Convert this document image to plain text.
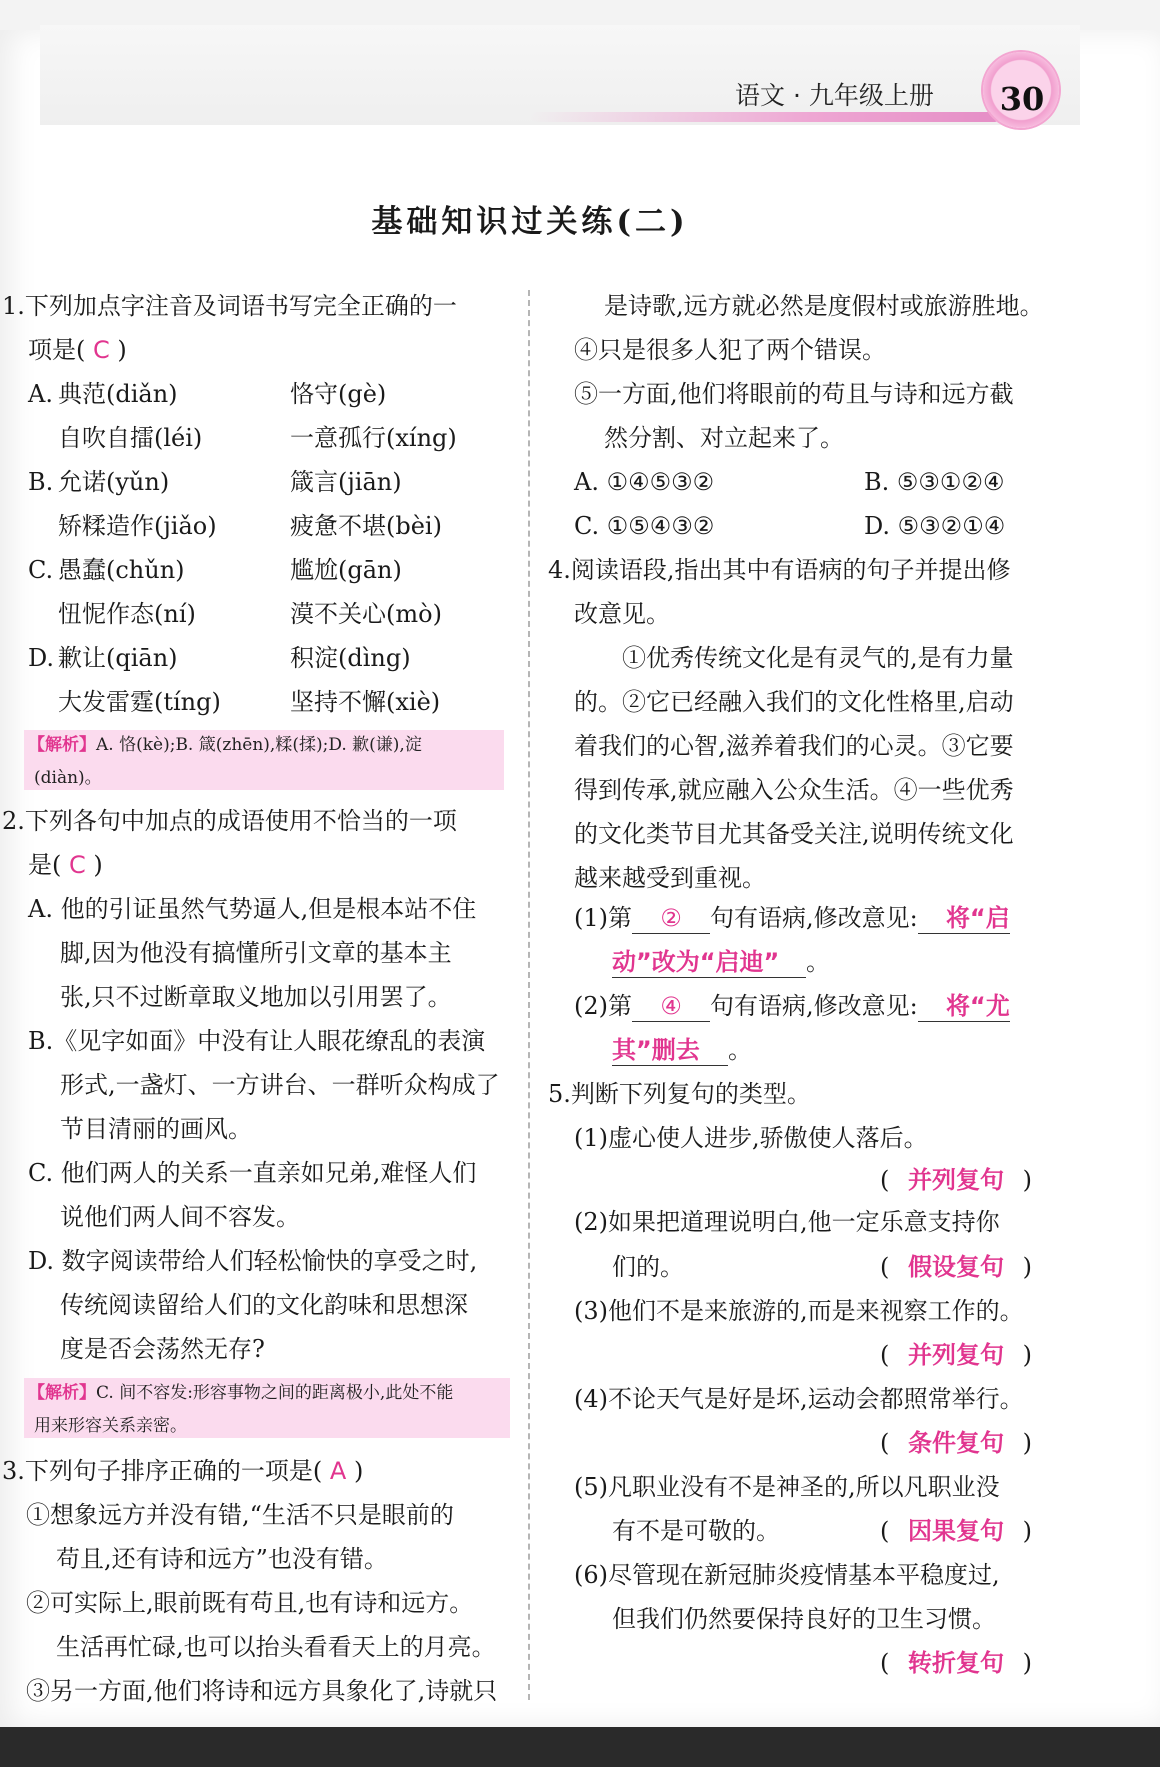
语文 · 九年级上册 30
基础知识过关练(二)
1.下列加点字注音及词语书写完全正确的一
项是( C )
A. 典范(diǎn)	恪守(gè)
自吹自擂(léi)	一意孤行(xíng)
B. 允诺(yǔn)	箴言(jiān)
矫糅造作(jiǎo)	疲惫不堪(bèi)
C. 愚蠢(chǔn)	尴尬(gān)
忸怩作态(ní)	漠不关心(mò)
D. 歉让(qiān)	积淀(dìng)
大发雷霆(tíng)	坚持不懈(xiè)
【解析】A. 恪(kè);B. 箴(zhēn),糅(揉);D. 歉(谦),淀
(diàn)。
2.下列各句中加点的成语使用不恰当的一项
是( C )
A. 他的引证虽然气势逼人,但是根本站不住
脚,因为他没有搞懂所引文章的基本主
张,只不过断章取义地加以引用罢了。
B.《见字如面》中没有让人眼花缭乱的表演
形式,一盏灯、一方讲台、一群听众构成了
节目清丽的画风。
C. 他们两人的关系一直亲如兄弟,难怪人们
说他们两人间不容发。
D. 数字阅读带给人们轻松愉快的享受之时,
传统阅读留给人们的文化韵味和思想深
度是否会荡然无存?
【解析】C. 间不容发:形容事物之间的距离极小,此处不能
用来形容关系亲密。
3.下列句子排序正确的一项是( A )
①想象远方并没有错,“生活不只是眼前的
苟且,还有诗和远方”也没有错。
②可实际上,眼前既有苟且,也有诗和远方。
生活再忙碌,也可以抬头看看天上的月亮。
③另一方面,他们将诗和远方具象化了,诗就只
是诗歌,远方就必然是度假村或旅游胜地。
④只是很多人犯了两个错误。
⑤一方面,他们将眼前的苟且与诗和远方截
然分割、对立起来了。
A. ①④⑤③②	B. ⑤③①②④
C. ①⑤④③②	D. ⑤③②①④
4.阅读语段,指出其中有语病的句子并提出修
改意见。
①优秀传统文化是有灵气的,是有力量
的。②它已经融入我们的文化性格里,启动
着我们的心智,滋养着我们的心灵。③它要
得到传承,就应融入公众生活。④一些优秀
的文化类节目尤其备受关注,说明传统文化
越来越受到重视。
(1)第 ② 句有语病,修改意见: 将“启
动”改为“启迪” 。
(2)第 ④ 句有语病,修改意见: 将“尤
其”删去 。
5.判断下列复句的类型。
(1)虚心使人进步,骄傲使人落后。
( 并列复句 )
(2)如果把道理说明白,他一定乐意支持你
们的。	( 假设复句 )
(3)他们不是来旅游的,而是来视察工作的。
( 并列复句 )
(4)不论天气是好是坏,运动会都照常举行。
( 条件复句 )
(5)凡职业没有不是神圣的,所以凡职业没
有不是可敬的。	( 因果复句 )
(6)尽管现在新冠肺炎疫情基本平稳度过,
但我们仍然要保持良好的卫生习惯。
( 转折复句 )
